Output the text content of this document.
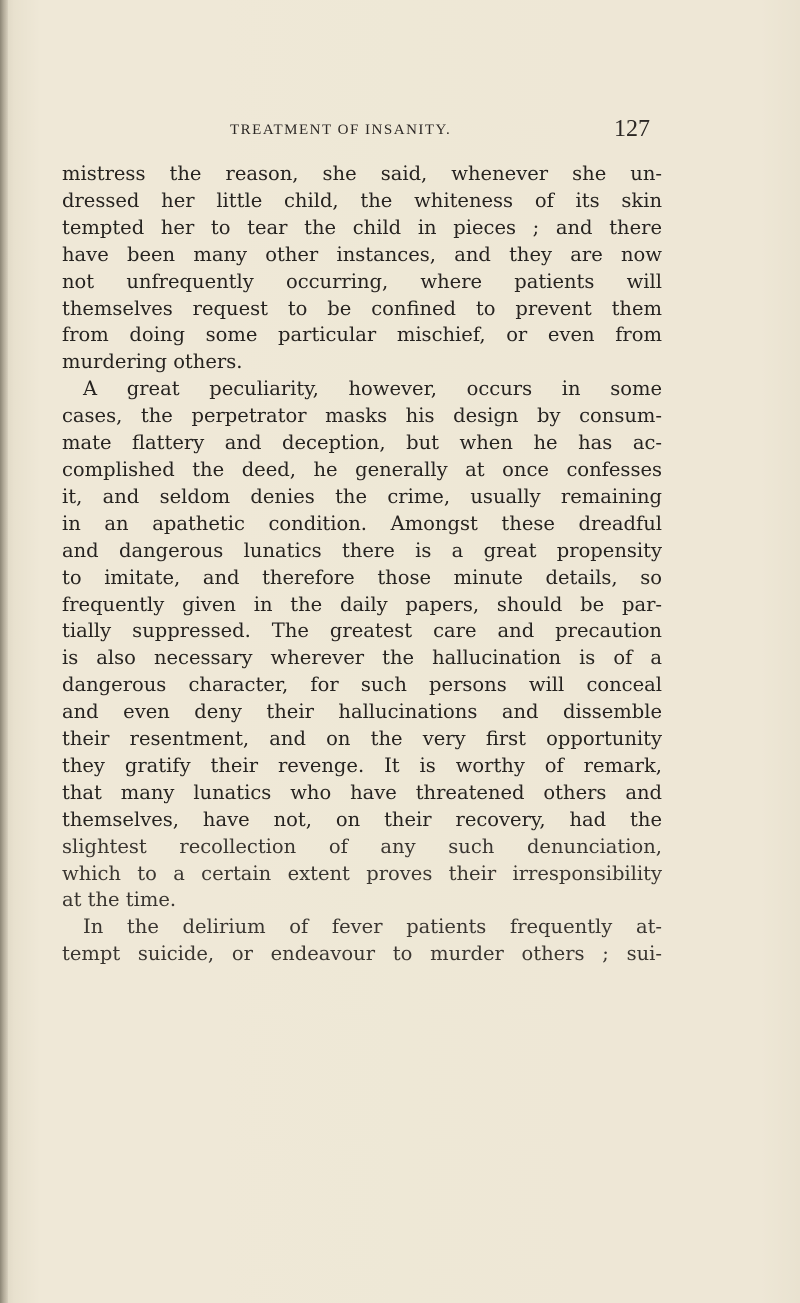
TREATMENT OF INSANITY.	127
mistress the reason, she said, whenever she un-
dressed her little child, the whiteness of its skin
tempted her to tear the child in pieces ; and there
have been many other instances, and they are now
not unfrequently occurring, where patients will
themselves request to be confined to prevent them
from doing some particular mischief, or even from
murdering others.
A great peculiarity, however, occurs in some
cases, the perpetrator masks his design by consum-
mate flattery and deception, but when he has ac-
complished the deed, he generally at once confesses
it, and seldom denies the crime, usually remaining
in an apathetic condition. Amongst these dreadful
and dangerous lunatics there is a great propensity
to imitate, and therefore those minute details, so
frequently given in the daily papers, should be par-
tially suppressed. The greatest care and precaution
is also necessary wherever the hallucination is of a
dangerous character, for such persons will conceal
and even deny their hallucinations and dissemble
their resentment, and on the very first opportunity
they gratify their revenge. It is worthy of remark,
that many lunatics who have threatened others and
themselves, have not, on their recovery, had the
slightest recollection of any such denunciation,
which to a certain extent proves their irresponsibility
at the time.
In the delirium of fever patients frequently at-
tempt suicide, or endeavour to murder others ; sui-
